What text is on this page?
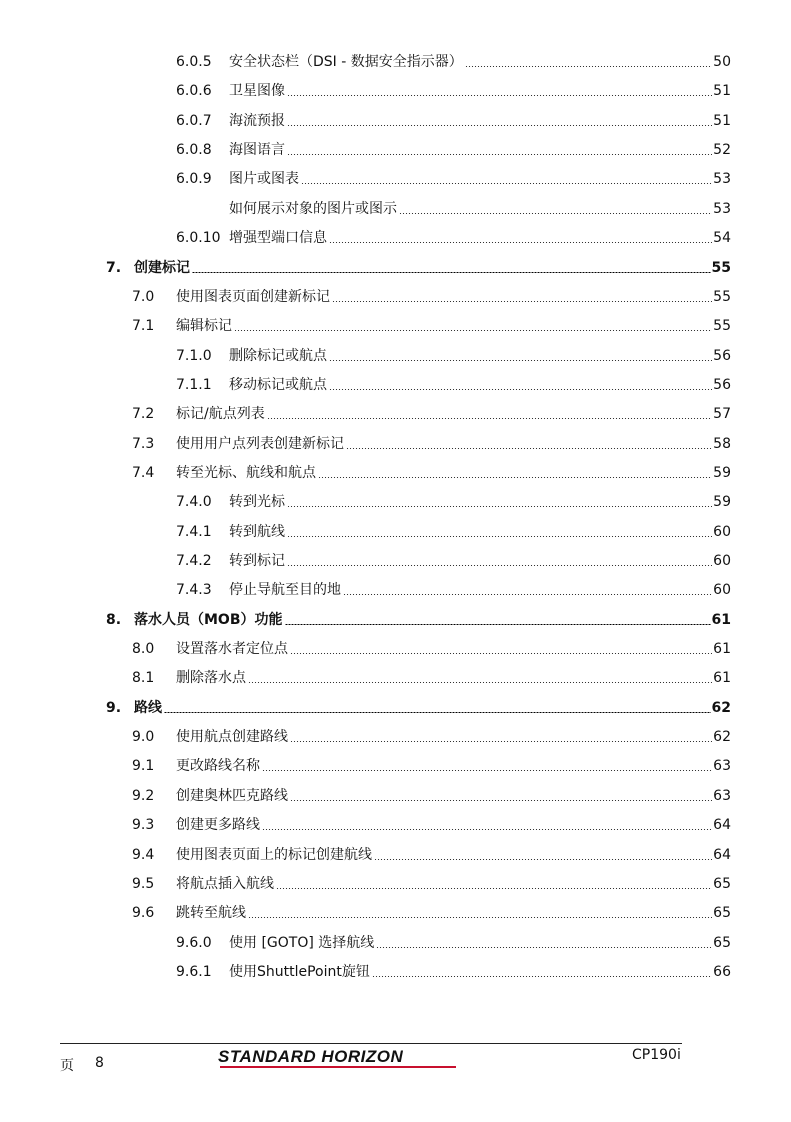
6.0.5 安全状态栏（DSI - 数据安全指示器）	50
6.0.6 卫星图像	51
6.0.7 海流预报	51
6.0.8 海图语言	52
6.0.9 图片或图表	53
如何展示对象的图片或图示	53
6.0.10 增强型端口信息	54
7. 创建标记	55
7.0 使用图表页面创建新标记	55
7.1 编辑标记	55
7.1.0 删除标记或航点	56
7.1.1 移动标记或航点	56
7.2 标记/航点列表	57
7.3 使用用户点列表创建新标记	58
7.4 转至光标、航线和航点	59
7.4.0 转到光标	59
7.4.1 转到航线	60
7.4.2 转到标记	60
7.4.3 停止导航至目的地	60
8. 落水人员（MOB）功能	61
8.0 设置落水者定位点	61
8.1 删除落水点	61
9. 路线	62
9.0 使用航点创建路线	62
9.1 更改路线名称	63
9.2 创建奥林匹克路线	63
9.3 创建更多路线	64
9.4 使用图表页面上的标记创建航线	64
9.5 将航点插入航线	65
9.6 跳转至航线	65
9.6.0 使用 [GOTO] 选择航线	65
9.6.1 使用ShuttlePoint旋钮	66
页 8	STANDARD HORIZON	CP190i
